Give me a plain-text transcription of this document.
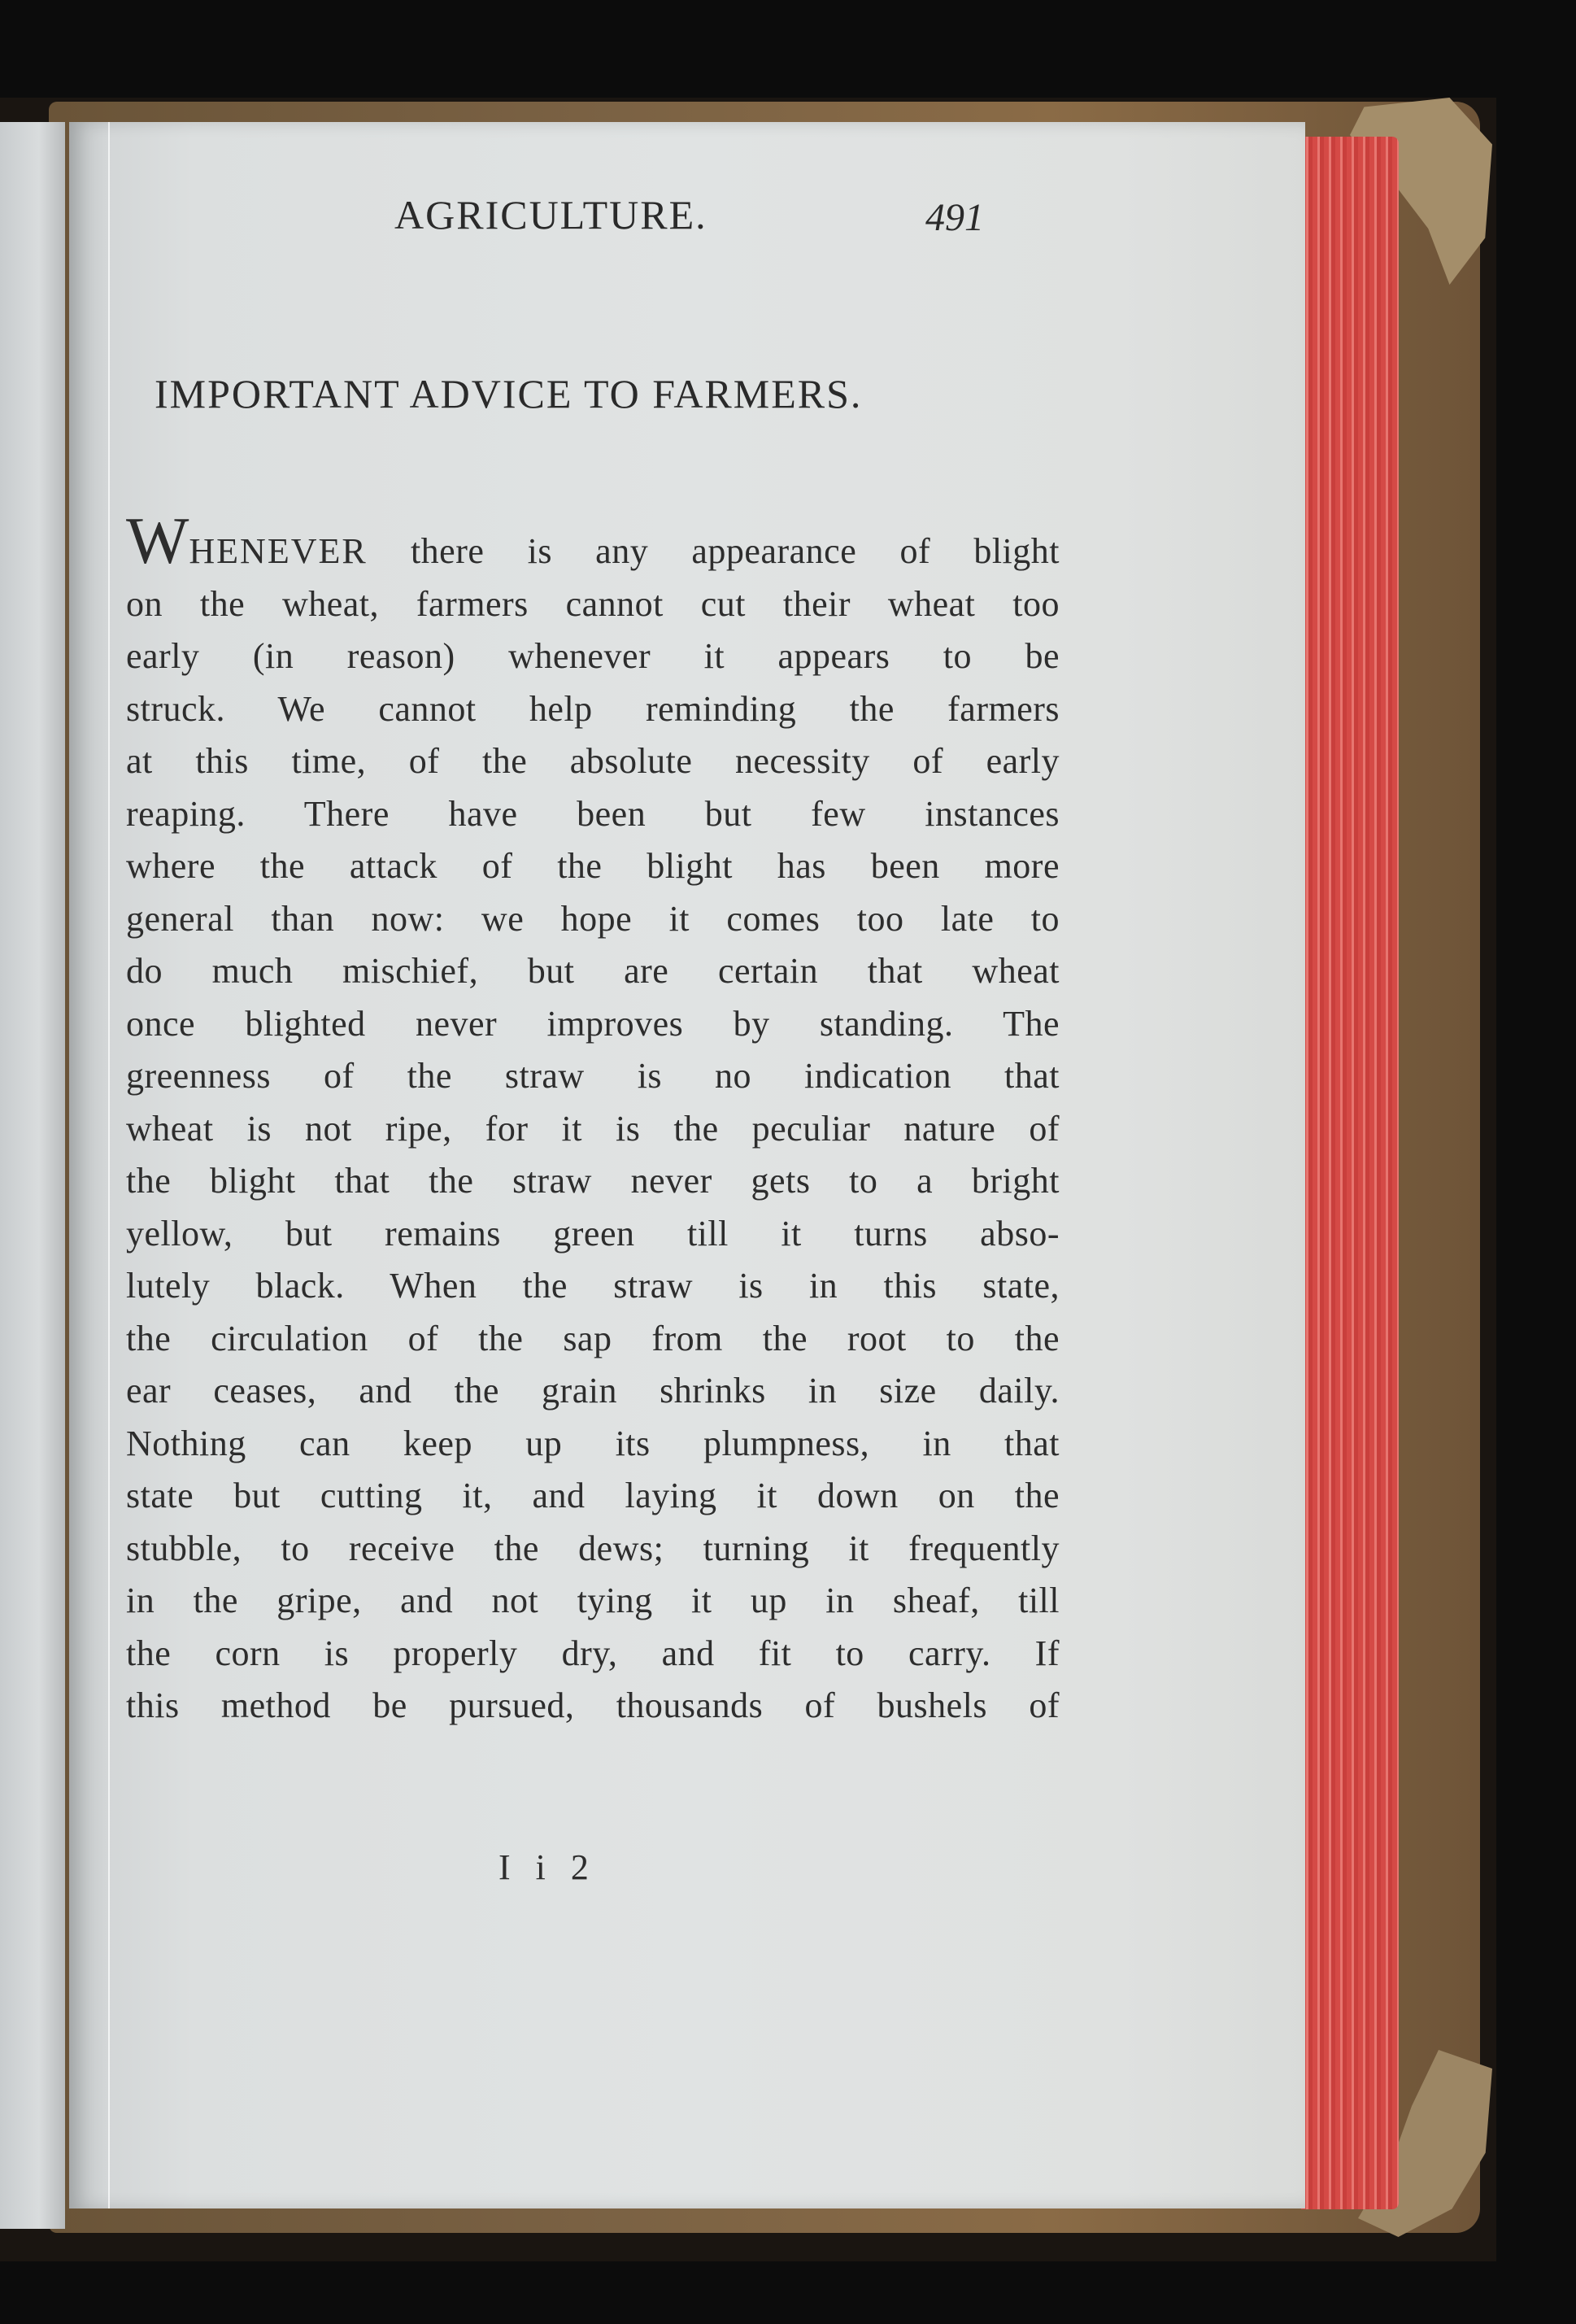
AGRICULTURE.	491
IMPORTANT ADVICE TO FARMERS.
WHENEVER there is any appearance of blight
on the wheat, farmers cannot cut their wheat too
early (in reason) whenever it appears to be
struck. We cannot help reminding the farmers
at this time, of the absolute necessity of early
reaping. There have been but few instances
where the attack of the blight has been more
general than now: we hope it comes too late to
do much mischief, but are certain that wheat
once blighted never improves by standing. The
greenness of the straw is no indication that
wheat is not ripe, for it is the peculiar nature of
the blight that the straw never gets to a bright
yellow, but remains green till it turns abso-
lutely black. When the straw is in this state,
the circulation of the sap from the root to the
ear ceases, and the grain shrinks in size daily.
Nothing can keep up its plumpness, in that
state but cutting it, and laying it down on the
stubble, to receive the dews; turning it frequently
in the gripe, and not tying it up in sheaf, till
the corn is properly dry, and fit to carry. If
this method be pursued, thousands of bushels of
I i 2
